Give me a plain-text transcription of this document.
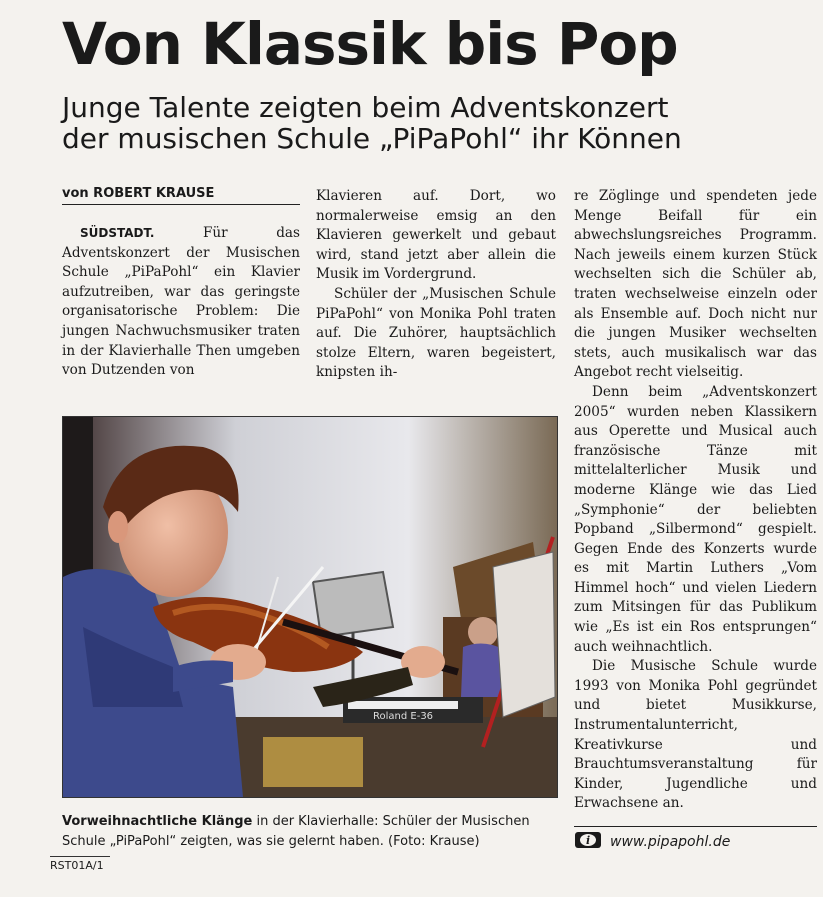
Von Klassik bis Pop
Junge Talente zeigten beim Adventskonzert
der musischen Schule „PiPaPohl“ ihr Können
von ROBERT KRAUSE

SÜDSTADT. Für das Adventskonzert der Musischen Schule „PiPaPohl“ ein Klavier aufzutreiben, war das geringste organisatorische Problem: Die jungen Nachwuchsmusiker traten in der Klavierhalle Then umgeben von Dutzenden von

Klavieren auf. Dort, wo normalerweise emsig an den Klavieren gewerkelt und gebaut wird, stand jetzt aber allein die Musik im Vordergrund.

Schüler der „Musischen Schule PiPaPohl“ von Monika Pohl traten auf. Die Zuhörer, hauptsächlich stolze Eltern, waren begeistert, knipsten ih-

re Zöglinge und spendeten jede Menge Beifall für ein abwechslungsreiches Programm. Nach jeweils einem kurzen Stück wechselten sich die Schüler ab, traten wechselweise einzeln oder als Ensemble auf. Doch nicht nur die jungen Musiker wechselten stets, auch musikalisch war das Angebot recht vielseitig.

Denn beim „Adventskonzert 2005“ wurden neben Klassikern aus Operette und Musical auch französische Tänze mit mittelalterlicher Musik und moderne Klänge wie das Lied „Symphonie“ der beliebten Popband „Silbermond“ gespielt. Gegen Ende des Konzerts wurde es mit Martin Luthers „Vom Himmel hoch“ und vielen Liedern zum Mitsingen für das Publikum wie „Es ist ein Ros entsprungen“ auch weihnachtlich.

Die Musische Schule wurde 1993 von Monika Pohl gegründet und bietet Musikkurse, Instrumentalunterricht, Kreativkurse und Brauchtumsveranstaltung für Kinder, Jugendliche und Erwachsene an.

Roland E-36
Vorweihnachtliche Klänge in der Klavierhalle: Schüler der Musischen Schule „PiPaPohl“ zeigten, was sie gelernt haben. (Foto: Krause)	i www.pipapohl.de
RST01A/1
